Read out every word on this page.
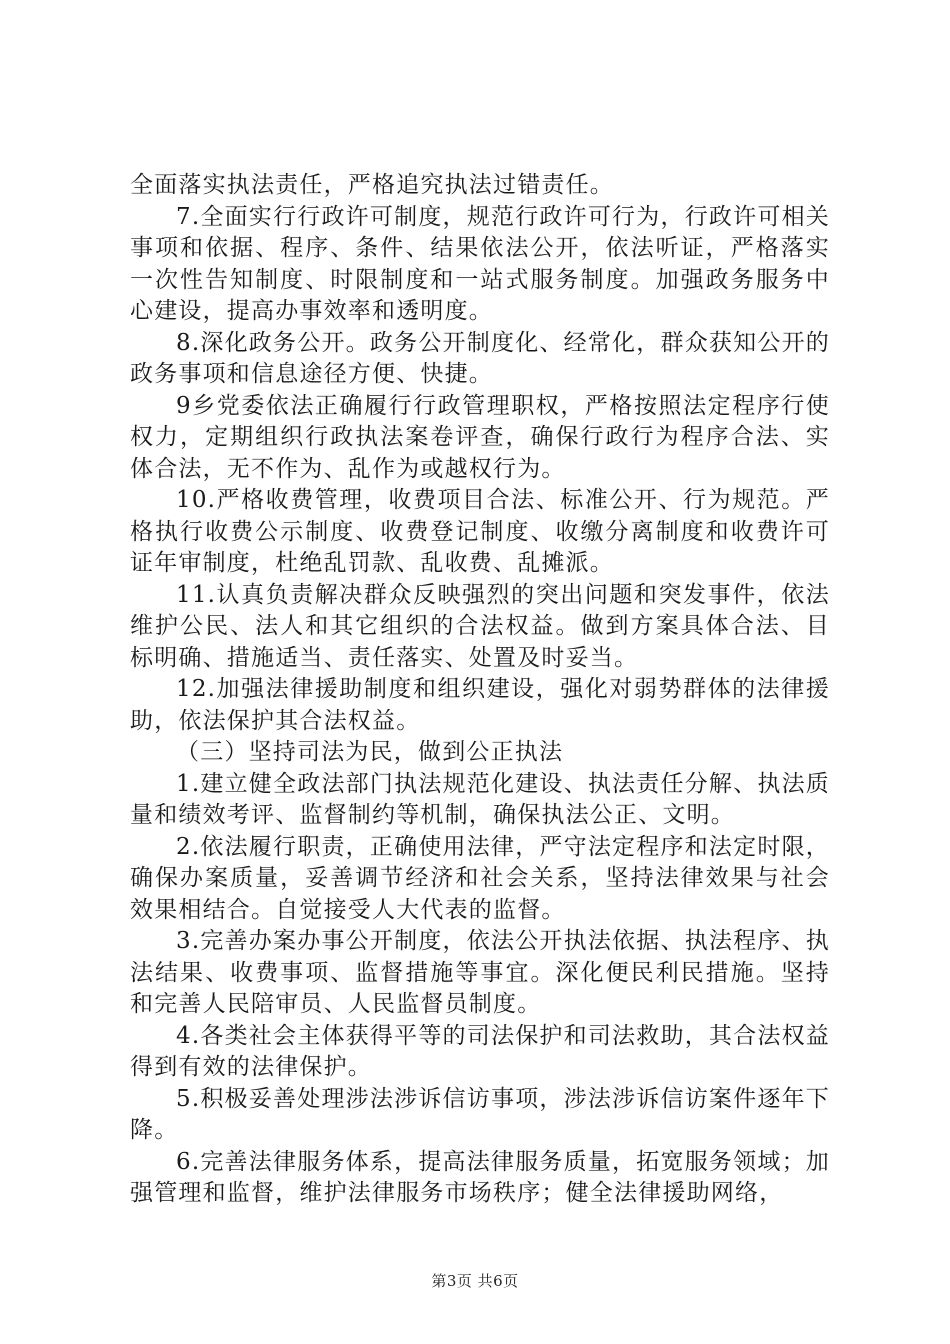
全面落实执法责任，严格追究执法过错责任。

7.全面实行行政许可制度，规范行政许可行为，行政许可相关事项和依据、程序、条件、结果依法公开，依法听证，严格落实一次性告知制度、时限制度和一站式服务制度。加强政务服务中心建设，提高办事效率和透明度。

8.深化政务公开。政务公开制度化、经常化，群众获知公开的政务事项和信息途径方便、快捷。

9乡党委依法正确履行行政管理职权，严格按照法定程序行使权力，定期组织行政执法案卷评查，确保行政行为程序合法、实体合法，无不作为、乱作为或越权行为。

10.严格收费管理，收费项目合法、标准公开、行为规范。严格执行收费公示制度、收费登记制度、收缴分离制度和收费许可证年审制度，杜绝乱罚款、乱收费、乱摊派。

11.认真负责解决群众反映强烈的突出问题和突发事件，依法维护公民、法人和其它组织的合法权益。做到方案具体合法、目标明确、措施适当、责任落实、处置及时妥当。

12.加强法律援助制度和组织建设，强化对弱势群体的法律援助，依法保护其合法权益。

（三）坚持司法为民，做到公正执法

1.建立健全政法部门执法规范化建设、执法责任分解、执法质量和绩效考评、监督制约等机制，确保执法公正、文明。

2.依法履行职责，正确使用法律，严守法定程序和法定时限，确保办案质量，妥善调节经济和社会关系，坚持法律效果与社会效果相结合。自觉接受人大代表的监督。

3.完善办案办事公开制度，依法公开执法依据、执法程序、执法结果、收费事项、监督措施等事宜。深化便民利民措施。坚持和完善人民陪审员、人民监督员制度。

4.各类社会主体获得平等的司法保护和司法救助，其合法权益得到有效的法律保护。

5.积极妥善处理涉法涉诉信访事项，涉法涉诉信访案件逐年下降。

6.完善法律服务体系，提高法律服务质量，拓宽服务领域；加强管理和监督，维护法律服务市场秩序；健全法律援助网络，

第3页 共6页
